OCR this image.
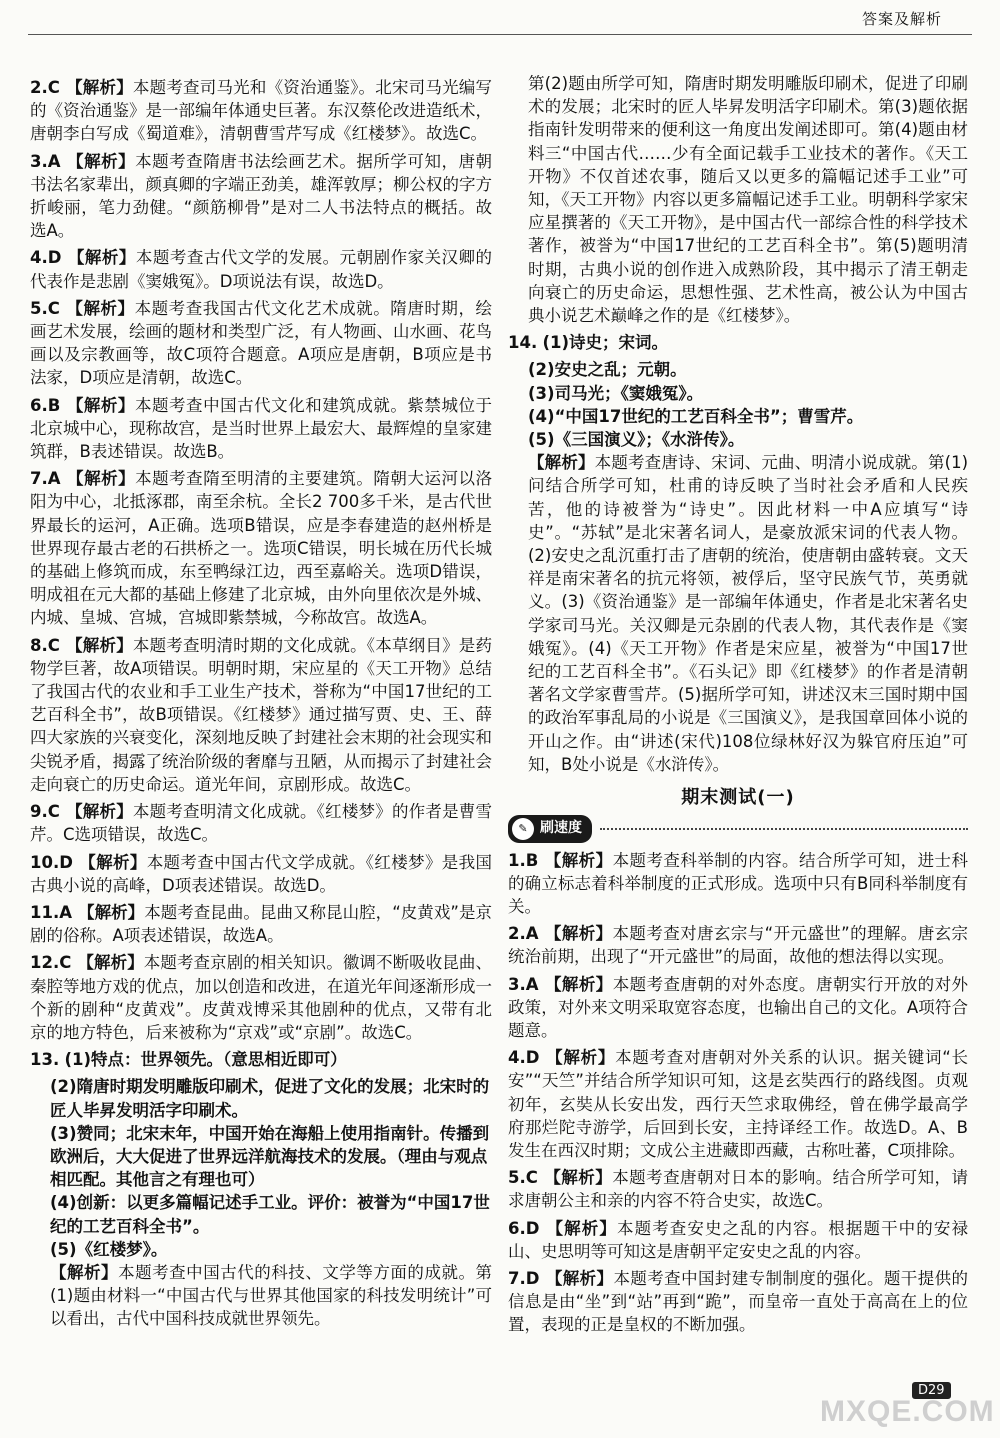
答案及解析
2.C 【解析】本题考查司马光和《资治通鉴》。北宋司马光编写的《资治通鉴》是一部编年体通史巨著。东汉蔡伦改进造纸术，唐朝李白写成《蜀道难》，清朝曹雪芹写成《红楼梦》。故选C。
3.A 【解析】本题考查隋唐书法绘画艺术。据所学可知，唐朝书法名家辈出，颜真卿的字端正劲美，雄浑敦厚；柳公权的字方折峻丽，笔力劲健。“颜筋柳骨”是对二人书法特点的概括。故选A。
4.D 【解析】本题考查古代文学的发展。元朝剧作家关汉卿的代表作是悲剧《窦娥冤》。D项说法有误，故选D。
5.C 【解析】本题考查我国古代文化艺术成就。隋唐时期，绘画艺术发展，绘画的题材和类型广泛，有人物画、山水画、花鸟画以及宗教画等，故C项符合题意。A项应是唐朝，B项应是书法家，D项应是清朝，故选C。
6.B 【解析】本题考查中国古代文化和建筑成就。紫禁城位于北京城中心，现称故宫，是当时世界上最宏大、最辉煌的皇家建筑群，B表述错误。故选B。
7.A 【解析】本题考查隋至明清的主要建筑。隋朝大运河以洛阳为中心，北抵涿郡，南至余杭。全长2 700多千米，是古代世界最长的运河，A正确。选项B错误，应是李春建造的赵州桥是世界现存最古老的石拱桥之一。选项C错误，明长城在历代长城的基础上修筑而成，东至鸭绿江边，西至嘉峪关。选项D错误，明成祖在元大都的基础上修建了北京城，由外向里依次是外城、内城、皇城、宫城，宫城即紫禁城，今称故宫。故选A。
8.C 【解析】本题考查明清时期的文化成就。《本草纲目》是药物学巨著，故A项错误。明朝时期，宋应星的《天工开物》总结了我国古代的农业和手工业生产技术，誉称为“中国17世纪的工艺百科全书”，故B项错误。《红楼梦》通过描写贾、史、王、薛四大家族的兴衰变化，深刻地反映了封建社会末期的社会现实和尖锐矛盾，揭露了统治阶级的奢靡与丑陋，从而揭示了封建社会走向衰亡的历史命运。道光年间，京剧形成。故选C。
9.C 【解析】本题考查明清文化成就。《红楼梦》的作者是曹雪芹。C选项错误，故选C。
10.D 【解析】本题考查中国古代文学成就。《红楼梦》是我国古典小说的高峰，D项表述错误。故选D。
11.A 【解析】本题考查昆曲。昆曲又称昆山腔，“皮黄戏”是京剧的俗称。A项表述错误，故选A。
12.C 【解析】本题考查京剧的相关知识。徽调不断吸收昆曲、秦腔等地方戏的优点，加以创造和改进，在道光年间逐渐形成一个新的剧种“皮黄戏”。皮黄戏博采其他剧种的优点，又带有北京的地方特色，后来被称为“京戏”或“京剧”。故选C。
13. (1)特点：世界领先。（意思相近即可）

(2)隋唐时期发明雕版印刷术，促进了文化的发展；北宋时的匠人毕昇发明活字印刷术。

(3)赞同；北宋末年，中国开始在海船上使用指南针。传播到欧洲后，大大促进了世界远洋航海技术的发展。（理由与观点相匹配。其他言之有理也可）

(4)创新：以更多篇幅记述手工业。评价：被誉为“中国17世纪的工艺百科全书”。

(5)《红楼梦》。

【解析】本题考查中国古代的科技、文学等方面的成就。第(1)题由材料一“中国古代与世界其他国家的科技发明统计”可以看出，古代中国科技成就世界领先。

第(2)题由所学可知，隋唐时期发明雕版印刷术，促进了印刷术的发展；北宋时的匠人毕昇发明活字印刷术。第(3)题依据指南针发明带来的便利这一角度出发阐述即可。第(4)题由材料三“中国古代……少有全面记载手工业技术的著作。《天工开物》不仅首述农事，随后又以更多的篇幅记述手工业”可知，《天工开物》内容以更多篇幅记述手工业。明朝科学家宋应星撰著的《天工开物》，是中国古代一部综合性的科学技术著作，被誉为“中国17世纪的工艺百科全书”。第(5)题明清时期，古典小说的创作进入成熟阶段，其中揭示了清王朝走向衰亡的历史命运，思想性强、艺术性高，被公认为中国古典小说艺术巅峰之作的是《红楼梦》。

14. (1)诗史；宋词。

(2)安史之乱；元朝。

(3)司马光；《窦娥冤》。

(4)“中国17世纪的工艺百科全书”；曹雪芹。

(5)《三国演义》；《水浒传》。

【解析】本题考查唐诗、宋词、元曲、明清小说成就。第(1)问结合所学可知，杜甫的诗反映了当时社会矛盾和人民疾苦，他的诗被誉为“诗史”。因此材料一中A应填写“诗史”。“苏轼”是北宋著名词人，是豪放派宋词的代表人物。(2)安史之乱沉重打击了唐朝的统治，使唐朝由盛转衰。文天祥是南宋著名的抗元将领，被俘后，坚守民族气节，英勇就义。(3)《资治通鉴》是一部编年体通史，作者是北宋著名史学家司马光。关汉卿是元杂剧的代表人物，其代表作是《窦娥冤》。(4)《天工开物》作者是宋应星，被誉为“中国17世纪的工艺百科全书”。《石头记》即《红楼梦》的作者是清朝著名文学家曹雪芹。(5)据所学可知，讲述汉末三国时期中国的政治军事乱局的小说是《三国演义》，是我国章回体小说的开山之作。由“讲述(宋代)108位绿林好汉为躲官府压迫”可知，B处小说是《水浒传》。

期末测试(一)
✎ 刷速度
1.B 【解析】本题考查科举制的内容。结合所学可知，进士科的确立标志着科举制度的正式形成。选项中只有B同科举制度有关。
2.A 【解析】本题考查对唐玄宗与“开元盛世”的理解。唐玄宗统治前期，出现了“开元盛世”的局面，故他的想法得以实现。
3.A 【解析】本题考查唐朝的对外态度。唐朝实行开放的对外政策，对外来文明采取宽容态度，也输出自己的文化。A项符合题意。
4.D 【解析】本题考查对唐朝对外关系的认识。据关键词“长安”“天竺”并结合所学知识可知，这是玄奘西行的路线图。贞观初年，玄奘从长安出发，西行天竺求取佛经，曾在佛学最高学府那烂陀寺游学，后回到长安，主持译经工作。故选D。A、B发生在西汉时期；文成公主进藏即西藏，古称吐蕃，C项排除。
5.C 【解析】本题考查唐朝对日本的影响。结合所学可知，请求唐朝公主和亲的内容不符合史实，故选C。
6.D 【解析】本题考查安史之乱的内容。根据题干中的安禄山、史思明等可知这是唐朝平定安史之乱的内容。
7.D 【解析】本题考查中国封建专制制度的强化。题干提供的信息是由“坐”到“站”再到“跪”，而皇帝一直处于高高在上的位置，表现的正是皇权的不断加强。
D29
MXQE.COM
